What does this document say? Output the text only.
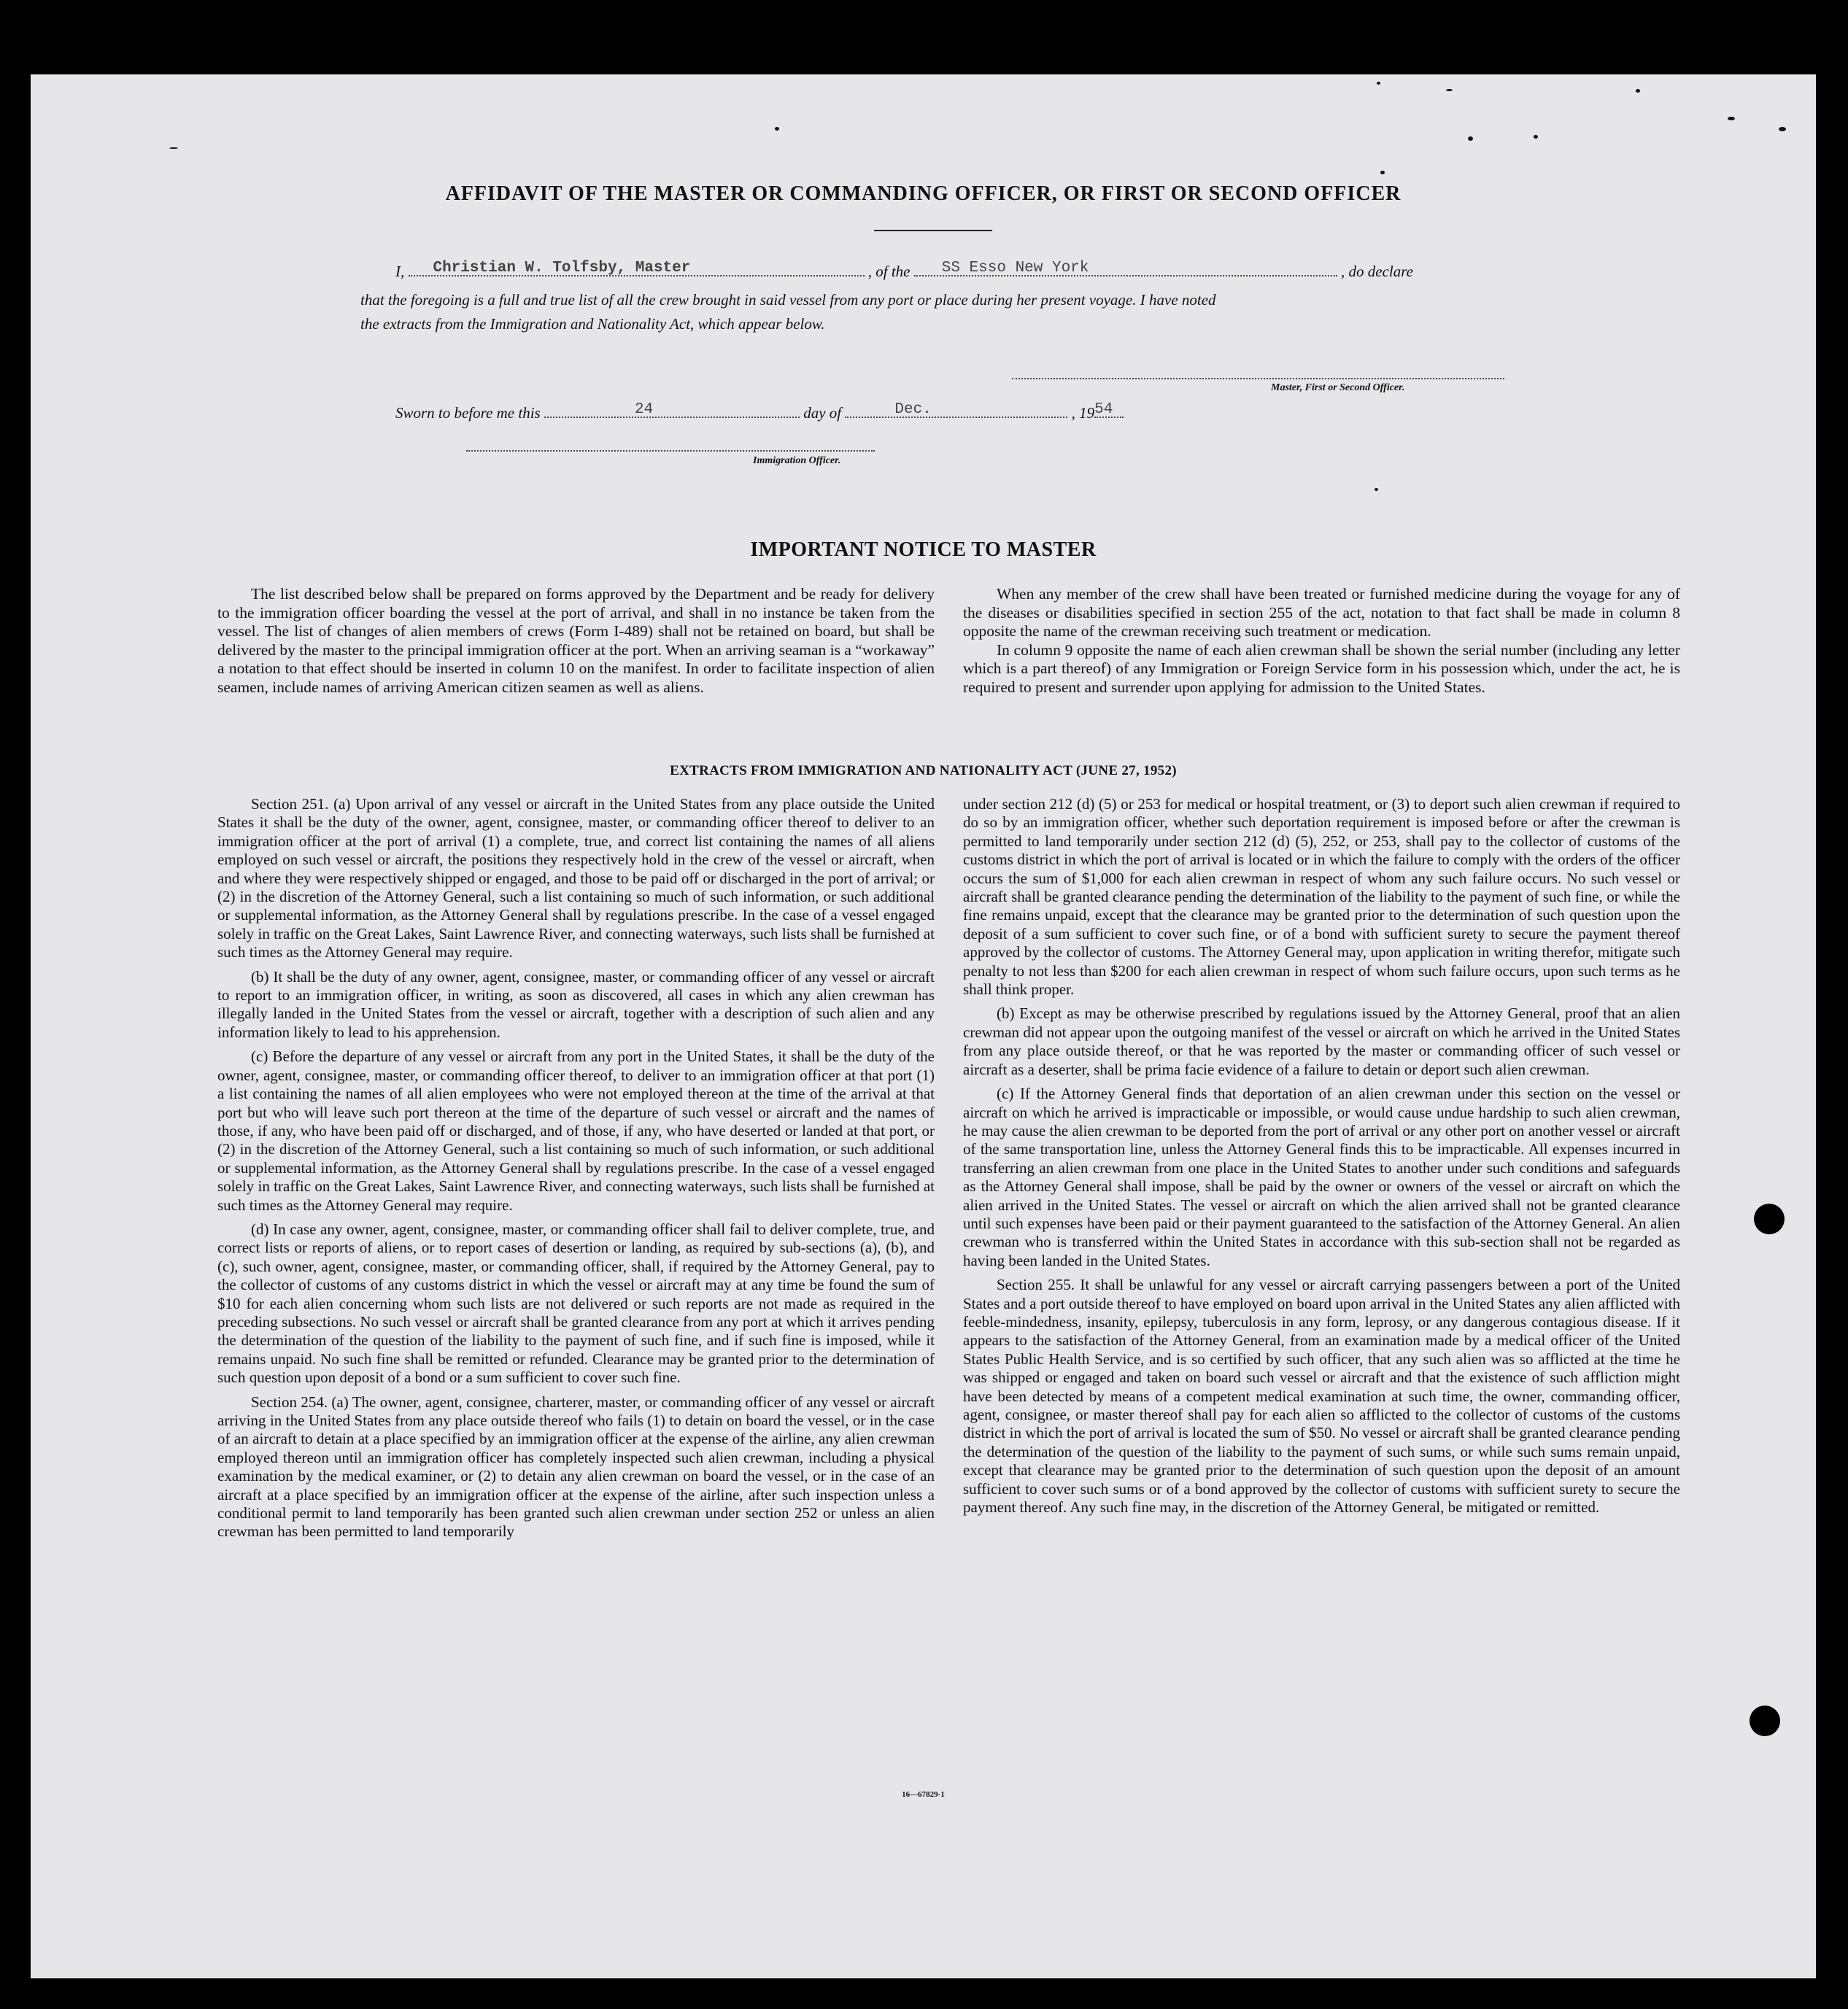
AFFIDAVIT OF THE MASTER OR COMMANDING OFFICER, OR FIRST OR SECOND OFFICER
I, Christian W. Tolfsby, Master	, of the SS Esso New York	, do declare
that the foregoing is a full and true list of all the crew brought in said vessel from any port or place during her present voyage. I have noted
the extracts from the Immigration and Nationality Act, which appear below.
Master, First or Second Officer.
Sworn to before me this	24	day of	Dec.	, 19 54
Immigration Officer.
IMPORTANT NOTICE TO MASTER

The list described below shall be prepared on forms approved by the Department and be ready for delivery to the immigration officer boarding the vessel at the port of arrival, and shall in no instance be taken from the vessel. The list of changes of alien members of crews (Form I-489) shall not be retained on board, but shall be delivered by the master to the principal immigration officer at the port. When an arriving seaman is a “workaway” a notation to that effect should be inserted in column 10 on the manifest. In order to facilitate inspection of alien seamen, include names of arriving American citizen seamen as well as aliens.

When any member of the crew shall have been treated or furnished medicine during the voyage for any of the diseases or disabilities specified in section 255 of the act, notation to that fact shall be made in column 8 opposite the name of the crewman receiving such treatment or medication.

In column 9 opposite the name of each alien crewman shall be shown the serial number (including any letter which is a part thereof) of any Immigration or Foreign Service form in his possession which, under the act, he is required to present and surrender upon applying for admission to the United States.

EXTRACTS FROM IMMIGRATION AND NATIONALITY ACT (JUNE 27, 1952)

Section 251. (a) Upon arrival of any vessel or aircraft in the United States from any place outside the United States it shall be the duty of the owner, agent, consignee, master, or commanding officer thereof to deliver to an immigration officer at the port of arrival (1) a complete, true, and correct list containing the names of all aliens employed on such vessel or aircraft, the positions they respectively hold in the crew of the vessel or aircraft, when and where they were respectively shipped or engaged, and those to be paid off or discharged in the port of arrival; or (2) in the discretion of the Attorney General, such a list containing so much of such information, or such additional or supplemental information, as the Attorney General shall by regulations prescribe. In the case of a vessel engaged solely in traffic on the Great Lakes, Saint Lawrence River, and connecting waterways, such lists shall be furnished at such times as the Attorney General may require.

(b) It shall be the duty of any owner, agent, consignee, master, or commanding officer of any vessel or aircraft to report to an immigration officer, in writing, as soon as discovered, all cases in which any alien crewman has illegally landed in the United States from the vessel or aircraft, together with a description of such alien and any information likely to lead to his apprehension.

(c) Before the departure of any vessel or aircraft from any port in the United States, it shall be the duty of the owner, agent, consignee, master, or commanding officer thereof, to deliver to an immigration officer at that port (1) a list containing the names of all alien employees who were not employed thereon at the time of the arrival at that port but who will leave such port thereon at the time of the departure of such vessel or aircraft and the names of those, if any, who have been paid off or discharged, and of those, if any, who have deserted or landed at that port, or (2) in the discretion of the Attorney General, such a list containing so much of such information, or such additional or supplemental information, as the Attorney General shall by regulations prescribe. In the case of a vessel engaged solely in traffic on the Great Lakes, Saint Lawrence River, and connecting waterways, such lists shall be furnished at such times as the Attorney General may require.

(d) In case any owner, agent, consignee, master, or commanding officer shall fail to deliver complete, true, and correct lists or reports of aliens, or to report cases of desertion or landing, as required by sub-sections (a), (b), and (c), such owner, agent, consignee, master, or commanding officer, shall, if required by the Attorney General, pay to the collector of customs of any customs district in which the vessel or aircraft may at any time be found the sum of $10 for each alien concerning whom such lists are not delivered or such reports are not made as required in the preceding subsections. No such vessel or aircraft shall be granted clearance from any port at which it arrives pending the determination of the question of the liability to the payment of such fine, and if such fine is imposed, while it remains unpaid. No such fine shall be remitted or refunded. Clearance may be granted prior to the determination of such question upon deposit of a bond or a sum sufficient to cover such fine.

Section 254. (a) The owner, agent, consignee, charterer, master, or commanding officer of any vessel or aircraft arriving in the United States from any place outside thereof who fails (1) to detain on board the vessel, or in the case of an aircraft to detain at a place specified by an immigration officer at the expense of the airline, any alien crewman employed thereon until an immigration officer has completely inspected such alien crewman, including a physical examination by the medical examiner, or (2) to detain any alien crewman on board the vessel, or in the case of an aircraft at a place specified by an immigration officer at the expense of the airline, after such inspection unless a conditional permit to land temporarily has been granted such alien crewman under section 252 or unless an alien crewman has been permitted to land temporarily

under section 212 (d) (5) or 253 for medical or hospital treatment, or (3) to deport such alien crewman if required to do so by an immigration officer, whether such deportation requirement is imposed before or after the crewman is permitted to land temporarily under section 212 (d) (5), 252, or 253, shall pay to the collector of customs of the customs district in which the port of arrival is located or in which the failure to comply with the orders of the officer occurs the sum of $1,000 for each alien crewman in respect of whom any such failure occurs. No such vessel or aircraft shall be granted clearance pending the determination of the liability to the payment of such fine, or while the fine remains unpaid, except that the clearance may be granted prior to the determination of such question upon the deposit of a sum sufficient to cover such fine, or of a bond with sufficient surety to secure the payment thereof approved by the collector of customs. The Attorney General may, upon application in writing therefor, mitigate such penalty to not less than $200 for each alien crewman in respect of whom such failure occurs, upon such terms as he shall think proper.

(b) Except as may be otherwise prescribed by regulations issued by the Attorney General, proof that an alien crewman did not appear upon the outgoing manifest of the vessel or aircraft on which he arrived in the United States from any place outside thereof, or that he was reported by the master or commanding officer of such vessel or aircraft as a deserter, shall be prima facie evidence of a failure to detain or deport such alien crewman.

(c) If the Attorney General finds that deportation of an alien crewman under this section on the vessel or aircraft on which he arrived is impracticable or impossible, or would cause undue hardship to such alien crewman, he may cause the alien crewman to be deported from the port of arrival or any other port on another vessel or aircraft of the same transportation line, unless the Attorney General finds this to be impracticable. All expenses incurred in transferring an alien crewman from one place in the United States to another under such conditions and safeguards as the Attorney General shall impose, shall be paid by the owner or owners of the vessel or aircraft on which the alien arrived in the United States. The vessel or aircraft on which the alien arrived shall not be granted clearance until such expenses have been paid or their payment guaranteed to the satisfaction of the Attorney General. An alien crewman who is transferred within the United States in accordance with this sub-section shall not be regarded as having been landed in the United States.

Section 255. It shall be unlawful for any vessel or aircraft carrying passengers between a port of the United States and a port outside thereof to have employed on board upon arrival in the United States any alien afflicted with feeble-mindedness, insanity, epilepsy, tuberculosis in any form, leprosy, or any dangerous contagious disease. If it appears to the satisfaction of the Attorney General, from an examination made by a medical officer of the United States Public Health Service, and is so certified by such officer, that any such alien was so afflicted at the time he was shipped or engaged and taken on board such vessel or aircraft and that the existence of such affliction might have been detected by means of a competent medical examination at such time, the owner, commanding officer, agent, consignee, or master thereof shall pay for each alien so afflicted to the collector of customs of the customs district in which the port of arrival is located the sum of $50. No vessel or aircraft shall be granted clearance pending the determination of the question of the liability to the payment of such sums, or while such sums remain unpaid, except that clearance may be granted prior to the determination of such question upon the deposit of an amount sufficient to cover such sums or of a bond approved by the collector of customs with sufficient surety to secure the payment thereof. Any such fine may, in the discretion of the Attorney General, be mitigated or remitted.

16—67829-1
